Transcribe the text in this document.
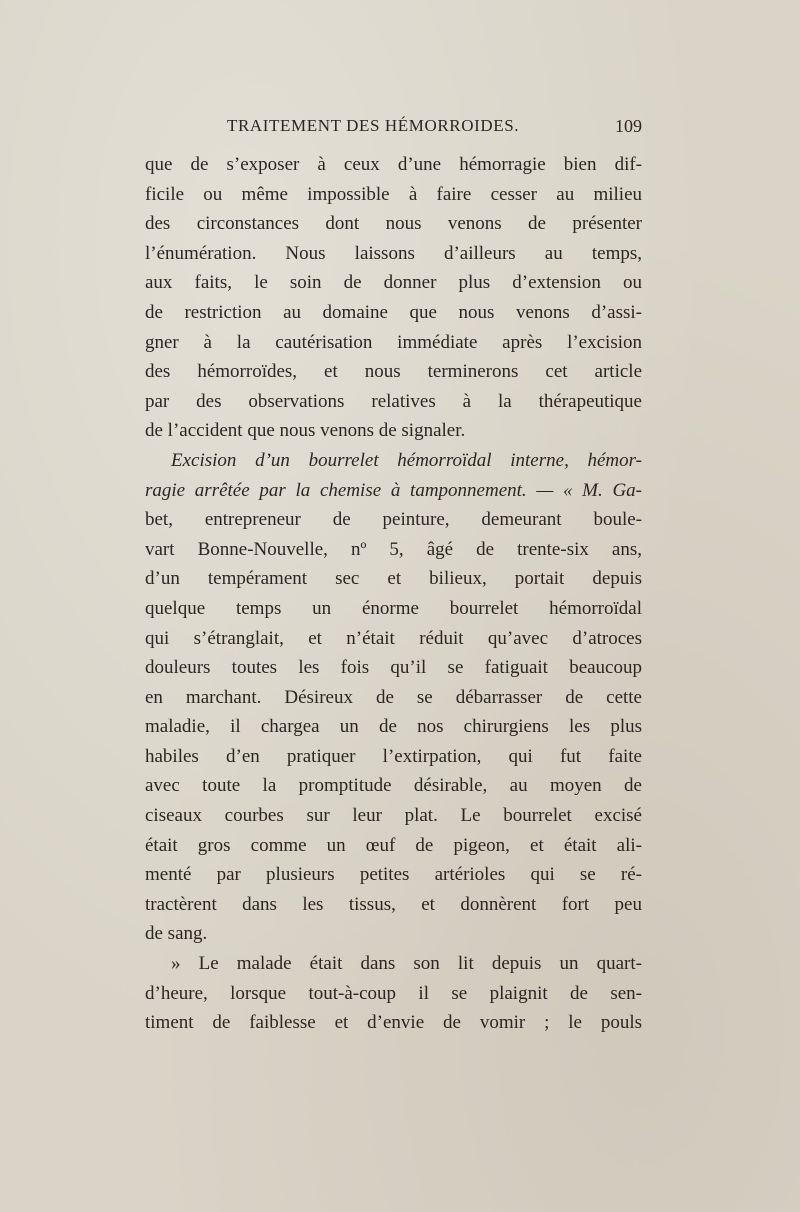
TRAITEMENT DES HÉMORROIDES.	109
que de s’exposer à ceux d’une hémorragie bien dif-
ficile ou même impossible à faire cesser au milieu
des circonstances dont nous venons de présenter
l’énumération. Nous laissons d’ailleurs au temps,
aux faits, le soin de donner plus d’extension ou
de restriction au domaine que nous venons d’assi-
gner à la cautérisation immédiate après l’excision
des hémorroïdes, et nous terminerons cet article
par des observations relatives à la thérapeutique
de l’accident que nous venons de signaler.
Excision d’un bourrelet hémorroïdal interne, hémor-
ragie arrêtée par la chemise à tamponnement. — « M. Ga-
bet, entrepreneur de peinture, demeurant boule-
vart Bonne-Nouvelle, nº 5, âgé de trente-six ans,
d’un tempérament sec et bilieux, portait depuis
quelque temps un énorme bourrelet hémorroïdal
qui s’étranglait, et n’était réduit qu’avec d’atroces
douleurs toutes les fois qu’il se fatiguait beaucoup
en marchant. Désireux de se débarrasser de cette
maladie, il chargea un de nos chirurgiens les plus
habiles d’en pratiquer l’extirpation, qui fut faite
avec toute la promptitude désirable, au moyen de
ciseaux courbes sur leur plat. Le bourrelet excisé
était gros comme un œuf de pigeon, et était ali-
menté par plusieurs petites artérioles qui se ré-
tractèrent dans les tissus, et donnèrent fort peu
de sang.
» Le malade était dans son lit depuis un quart-
d’heure, lorsque tout-à-coup il se plaignit de sen-
timent de faiblesse et d’envie de vomir ; le pouls
